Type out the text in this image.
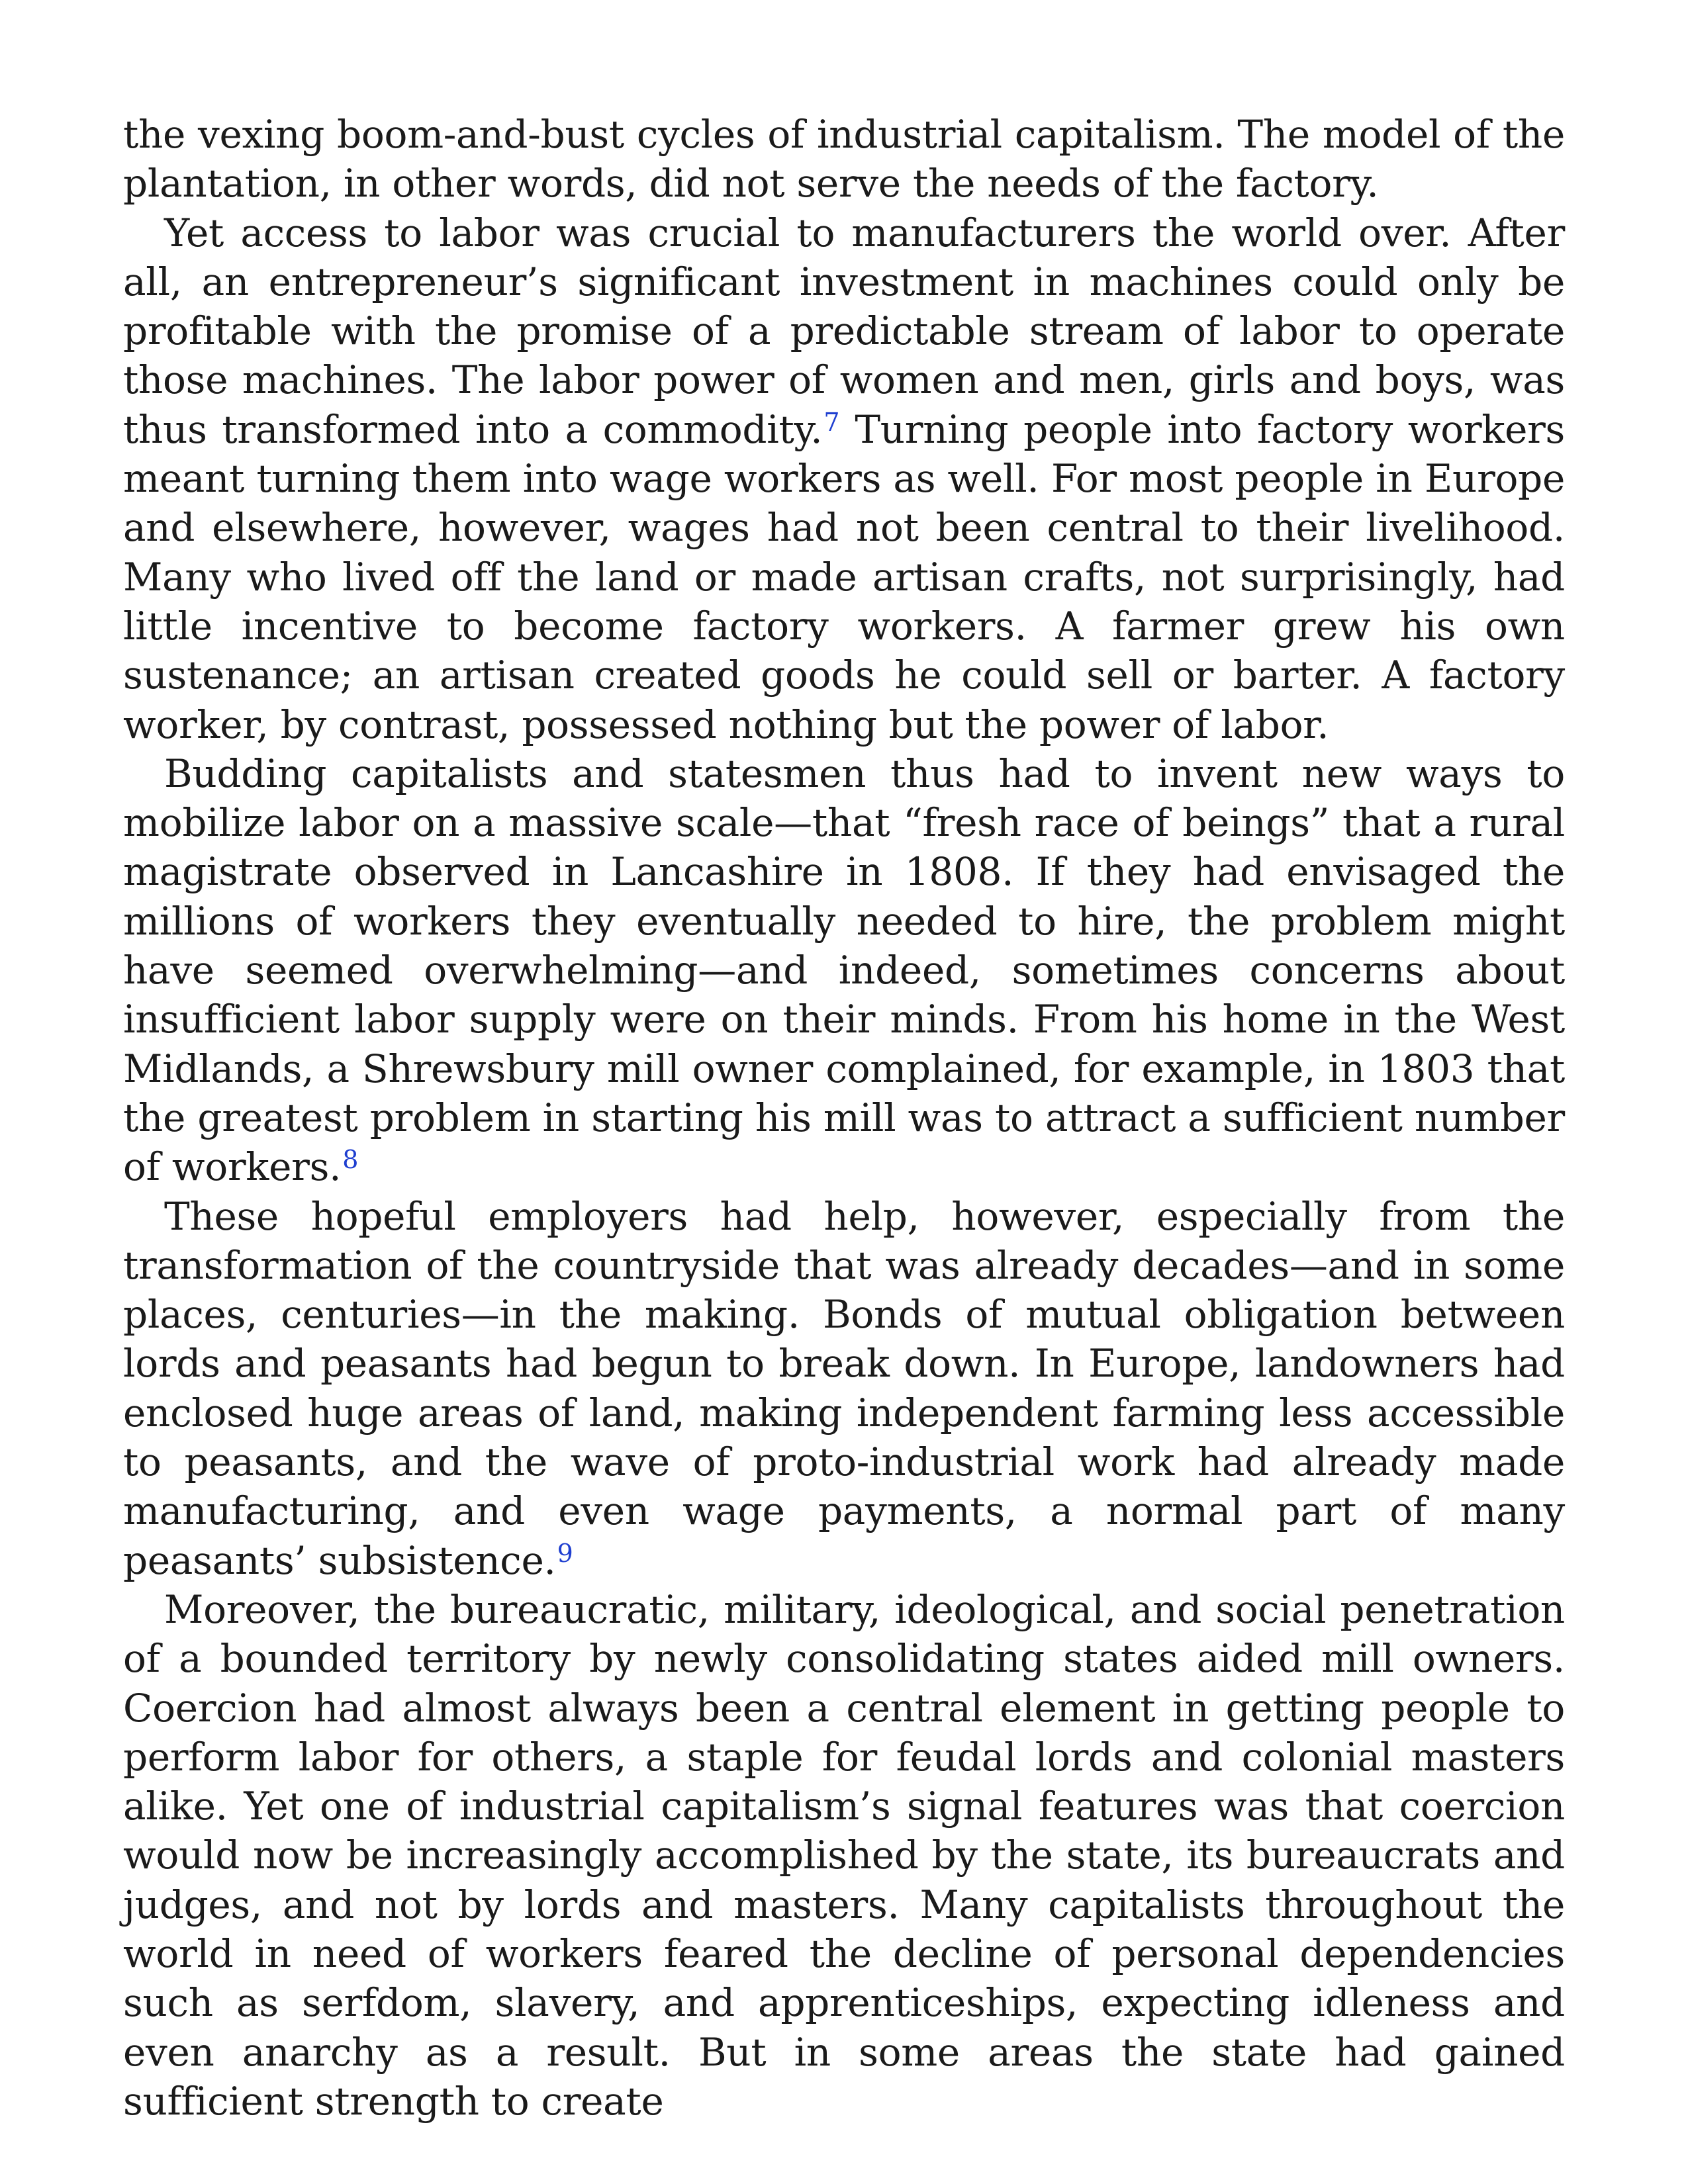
the vexing boom-and-bust cycles of industrial capitalism. The model of the plantation, in other words, did not serve the needs of the factory.

Yet access to labor was crucial to manufacturers the world over. After all, an entrepreneur’s significant investment in machines could only be profitable with the promise of a predictable stream of labor to operate those machines. The labor power of women and men, girls and boys, was thus transformed into a commodity.$^7$ Turning people into factory workers meant turning them into wage workers as well. For most people in Europe and elsewhere, however, wages had not been central to their livelihood. Many who lived off the land or made artisan crafts, not surprisingly, had little incentive to become factory workers. A farmer grew his own sustenance; an artisan created goods he could sell or barter. A factory worker, by contrast, possessed nothing but the power of labor.

Budding capitalists and statesmen thus had to invent new ways to mobilize labor on a massive scale—that “fresh race of beings” that a rural magistrate observed in Lancashire in 1808. If they had envisaged the millions of workers they eventually needed to hire, the problem might have seemed overwhelming—and indeed, sometimes concerns about insufficient labor supply were on their minds. From his home in the West Midlands, a Shrewsbury mill owner complained, for example, in 1803 that the greatest problem in starting his mill was to attract a sufficient number of workers.$^8$

These hopeful employers had help, however, especially from the transformation of the countryside that was already decades—and in some places, centuries—in the making. Bonds of mutual obligation between lords and peasants had begun to break down. In Europe, landowners had enclosed huge areas of land, making independent farming less accessible to peasants, and the wave of proto-industrial work had already made manufacturing, and even wage payments, a normal part of many peasants’ subsistence.$^9$

Moreover, the bureaucratic, military, ideological, and social penetration of a bounded territory by newly consolidating states aided mill owners. Coercion had almost always been a central element in getting people to perform labor for others, a staple for feudal lords and colonial masters alike. Yet one of industrial capitalism’s signal features was that coercion would now be increasingly accomplished by the state, its bureaucrats and judges, and not by lords and masters. Many capitalists throughout the world in need of workers feared the decline of personal dependencies such as serfdom, slavery, and apprenticeships, expecting idleness and even anarchy as a result. But in some areas the state had gained sufficient strength to create
